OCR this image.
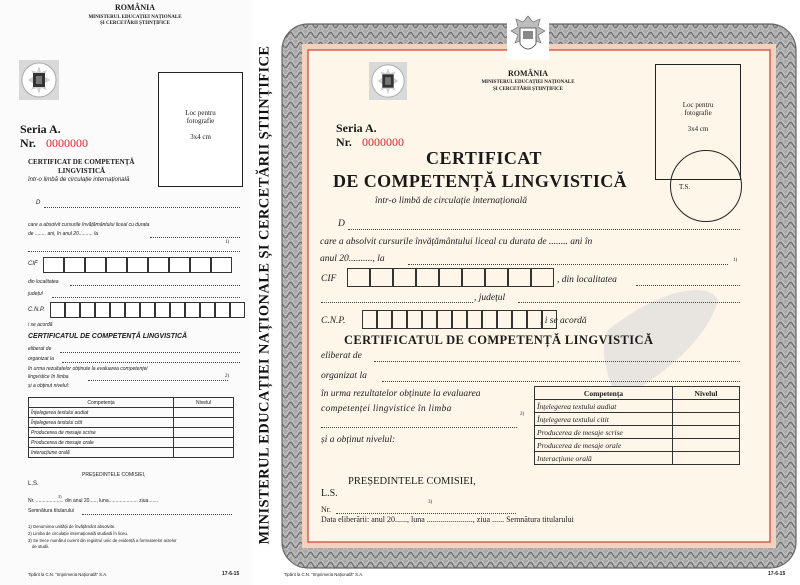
ROMÂNIA
MINISTERUL EDUCAȚIEI NAȚIONALE
ȘI CERCETĂRII ȘTIINȚIFICE
Loc pentru
fotografie
3x4 cm
Seria A.
Nr. 0000000
CERTIFICAT DE COMPETENȚĂ
LINGVISTICĂ
într-o limbă de circulație internațională
D
care a absolvit cursurile învățământului liceal cu durata
de ........ ani, în anul 20.......... la
1)
CIF
din localitatea
județul
C.N.P.
i se acordă
CERTIFICATUL DE COMPETENȚĂ LINGVISTICĂ
eliberat de
organizat la
în urma rezultatelor obținute la evaluarea competenței
lingvistice în limba	2)
și a obținut nivelul:
Competența	Nivelul
Înțelegerea textului audiat	
Înțelegerea textului citit	
Producerea de mesaje scrise	
Producerea de mesaje orale	
Interacțiune orală	
PREȘEDINTELE COMISIEI,
L.S.
Nr. .................... din anul 20....., luna..................... ziua.......
3)
Semnătura titularului
1) Denumirea unității de învățământ absolvite.
2) Limba de circulație internațională studiată în liceu.
3) Se trece numărul curent din registrul unic de evidență a formularelor actelor
de studii.
Tipărit la C.N. "Imprimeria Națională" S.A.	17-6-15
MINISTERUL EDUCAȚIEI NAȚIONALE ȘI CERCETĂRII ȘTIINȚIFICE	ROMÂNIA
MINISTERUL EDUCAȚIEI NAȚIONALE
ȘI CERCETĂRII ȘTIINȚIFICE
Loc pentru
fotografie
3x4 cm
T.S.
Seria A.
Nr. 0000000
CERTIFICAT
DE COMPETENȚĂ LINGVISTICĂ
într-o limbă de circulație internațională
D
care a absolvit cursurile învățământului liceal cu durata de ........ ani în
anul 20.........., la	1)
CIF	, din localitatea
, județul
C.N.P.	, i se acordă
CERTIFICATUL DE COMPETENȚĂ LINGVISTICĂ
eliberat de
organizat la
în urma rezultatelor obținute la evaluarea
competenței lingvistice în limba
2)
și a obținut nivelul:
Competența	Nivelul
Înțelegerea textului audiat	
Înțelegerea textului citit	
Producerea de mesaje scrise	
Producerea de mesaje orale	
Interacțiune orală	
PREȘEDINTELE COMISIEI,
L.S.
Nr.
3)
Data eliberării: anul 20......, luna ......................., ziua ...... Semnătura titularului
Tipărit la C.N. "Imprimeria Națională" S.A.	17-6-15
